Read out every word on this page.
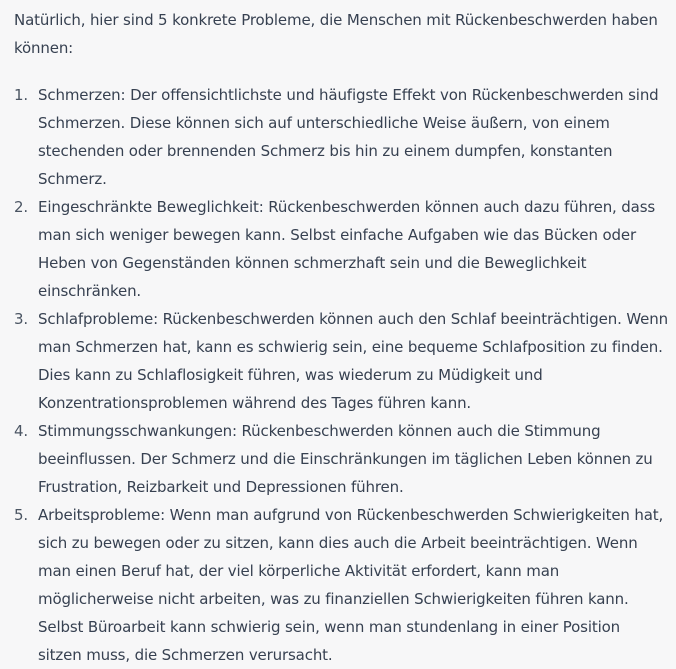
Natürlich, hier sind 5 konkrete Probleme, die Menschen mit Rückenbeschwerden haben können:

1. Schmerzen: Der offensichtlichste und häufigste Effekt von Rückenbeschwerden sind Schmerzen. Diese können sich auf unterschiedliche Weise äußern, von einem stechenden oder brennenden Schmerz bis hin zu einem dumpfen, konstanten Schmerz.
2. Eingeschränkte Beweglichkeit: Rückenbeschwerden können auch dazu führen, dass man sich weniger bewegen kann. Selbst einfache Aufgaben wie das Bücken oder Heben von Gegenständen können schmerzhaft sein und die Beweglichkeit einschränken.
3. Schlafprobleme: Rückenbeschwerden können auch den Schlaf beeinträchtigen. Wenn man Schmerzen hat, kann es schwierig sein, eine bequeme Schlafposition zu finden. Dies kann zu Schlaflosigkeit führen, was wiederum zu Müdigkeit und Konzentrationsproblemen während des Tages führen kann.
4. Stimmungsschwankungen: Rückenbeschwerden können auch die Stimmung beeinflussen. Der Schmerz und die Einschränkungen im täglichen Leben können zu Frustration, Reizbarkeit und Depressionen führen.
5. Arbeitsprobleme: Wenn man aufgrund von Rückenbeschwerden Schwierigkeiten hat, sich zu bewegen oder zu sitzen, kann dies auch die Arbeit beeinträchtigen. Wenn man einen Beruf hat, der viel körperliche Aktivität erfordert, kann man möglicherweise nicht arbeiten, was zu finanziellen Schwierigkeiten führen kann. Selbst Büroarbeit kann schwierig sein, wenn man stundenlang in einer Position sitzen muss, die Schmerzen verursacht.
